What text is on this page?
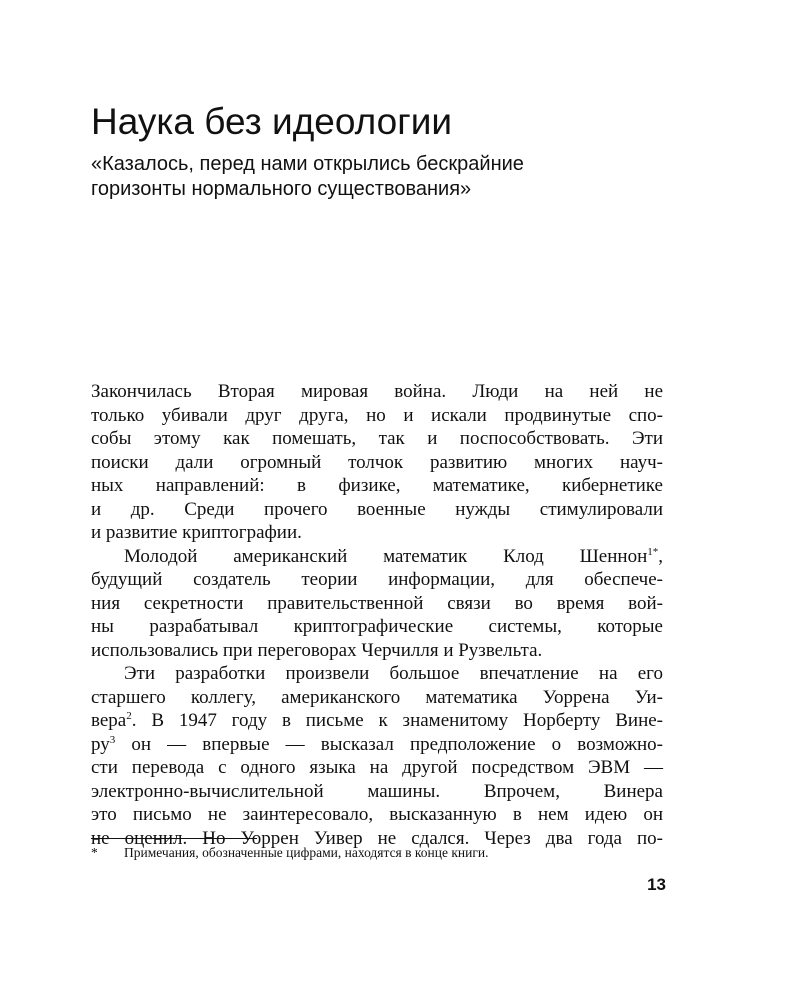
Наука без идеологии
«Казалось, перед нами открылись бескрайние
горизонты нормального существования»
Закончилась Вторая мировая война. Люди на ней не
только убивали друг друга, но и искали продвинутые спо-
собы этому как помешать, так и поспособствовать. Эти
поиски дали огромный толчок развитию многих науч-
ных направлений: в физике, математике, кибернетике
и др. Среди прочего военные нужды стимулировали
и развитие криптографии.
Молодой американский математик Клод Шеннон$^{1*}$,
будущий создатель теории информации, для обеспече-
ния секретности правительственной связи во время вой-
ны разрабатывал криптографические системы, которые
использовались при переговорах Черчилля и Рузвельта.
Эти разработки произвели большое впечатление на его
старшего коллегу, американского математика Уоррена Уи-
вера$^2$. В 1947 году в письме к знаменитому Норберту Вине-
$ру^3$ он — впервые — высказал предположение о возможно-
сти перевода с одного языка на другой посредством ЭВМ —
электронно-вычислительной машины. Впрочем, Винера
это письмо не заинтересовало, высказанную в нем идею он
не оценил. Но Уоррен Уивер не сдался. Через два года по-
* Примечания, обозначенные цифрами, находятся в конце книги.
13
